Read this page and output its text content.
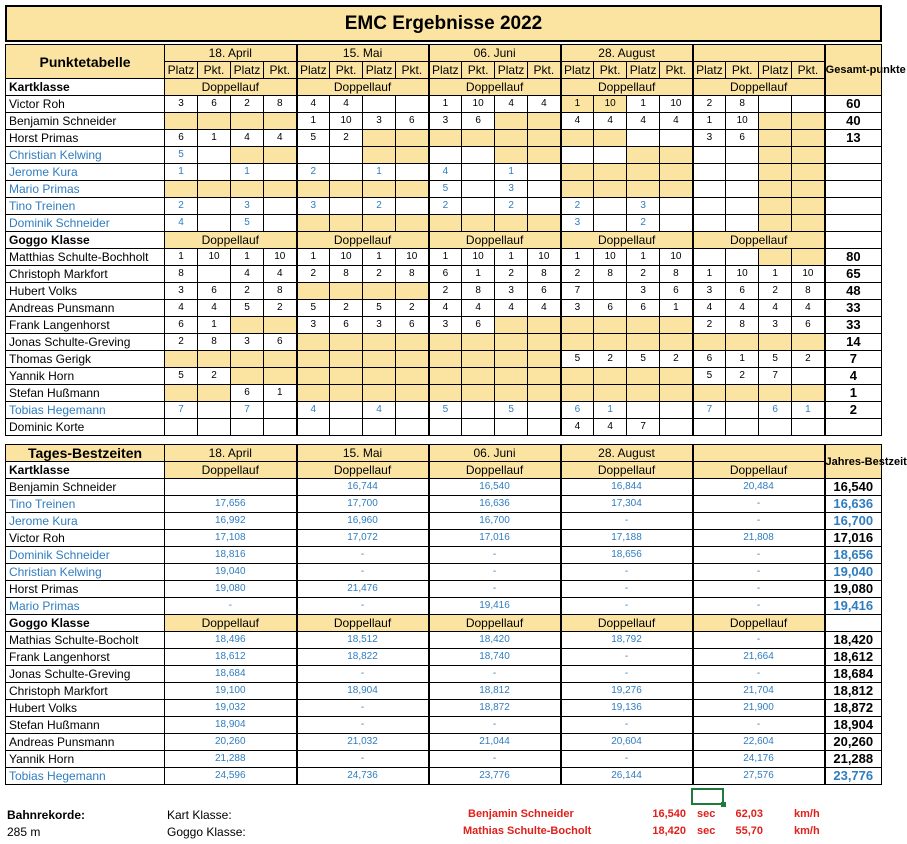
EMC Ergebnisse 2022
Punktetabelle	18. April				15. Mai				06. Juni				28. August								Gesamt-punkte
	Platz	Pkt.	Platz	Pkt.	Platz	Pkt.	Platz	Pkt.	Platz	Pkt.	Platz	Pkt.	Platz	Pkt.	Platz	Pkt.	Platz	Pkt.	Platz	Pkt.	
Kartklasse	Doppellauf				Doppellauf				Doppellauf				Doppellauf				Doppellauf				
Victor Roh	3	6	2	8	4	4			1	10	4	4	1	10	1	10	2	8			60
Benjamin Schneider					1	10	3	6	3	6			4	4	4	4	1	10			40
Horst Primas	6	1	4	4	5	2											3	6			13
Christian Kelwing	5																				
Jerome Kura	1		1		2		1		4		1										
Mario Primas									5		3										
Tino Treinen	2		3		3		2		2		2		2		3						
Dominik Schneider	4		5										3		2						
Goggo Klasse	Doppellauf				Doppellauf				Doppellauf				Doppellauf				Doppellauf				
Matthias Schulte-Bochholt	1	10	1	10	1	10	1	10	1	10	1	10	1	10	1	10					80
Christoph Markfort	8		4	4	2	8	2	8	6	1	2	8	2	8	2	8	1	10	1	10	65
Hubert Volks	3	6	2	8					2	8	3	6	7		3	6	3	6	2	8	48
Andreas Punsmann	4	4	5	2	5	2	5	2	4	4	4	4	3	6	6	1	4	4	4	4	33
Frank Langenhorst	6	1			3	6	3	6	3	6							2	8	3	6	33
Jonas Schulte-Greving	2	8	3	6																	14
Thomas Gerigk													5	2	5	2	6	1	5	2	7
Yannik Horn	5	2															5	2	7		4
Stefan Hußmann			6	1																	1
Tobias Hegemann	7		7		4		4		5		5		6	1			7		6	1	2
Dominic Korte													4	4	7						
Tages-Bestzeiten	18. April	15. Mai	06. Juni	28. August		Jahres-Bestzeit
Kartklasse	Doppellauf	Doppellauf	Doppellauf	Doppellauf	Doppellauf	
Benjamin Schneider		16,744	16,540	16,844	20,484	16,540
Tino Treinen	17,656	17,700	16,636	17,304	-	16,636
Jerome Kura	16,992	16,960	16,700	-	-	16,700
Victor Roh	17,108	17,072	17,016	17,188	21,808	17,016
Dominik Schneider	18,816	-	-	18,656	-	18,656
Christian Kelwing	19,040	-	-	-	-	19,040
Horst Primas	19,080	21,476	-	-	-	19,080
Mario Primas	-	-	19,416	-	-	19,416
Goggo Klasse	Doppellauf	Doppellauf	Doppellauf	Doppellauf	Doppellauf	
Mathias Schulte-Bocholt	18,496	18,512	18,420	18,792	-	18,420
Frank Langenhorst	18,612	18,822	18,740	-	21,664	18,612
Jonas Schulte-Greving	18,684	-	-	-	-	18,684
Christoph Markfort	19,100	18,904	18,812	19,276	21,704	18,812
Hubert Volks	19,032	-	18,872	19,136	21,900	18,872
Stefan Hußmann	18,904	-	-	-	-	18,904
Andreas Punsmann	20,260	21,032	21,044	20,604	22,604	20,260
Yannik Horn	21,288	-	-	-	24,176	21,288
Tobias Hegemann	24,596	24,736	23,776	26,144	27,576	23,776
Bahnrekorde:
285 m
Kart Klasse:
Goggo Klasse:
Benjamin Schneider
Mathias Schulte-Bocholt
16,540
18,420
sec
sec
62,03
55,70
km/h
km/h
